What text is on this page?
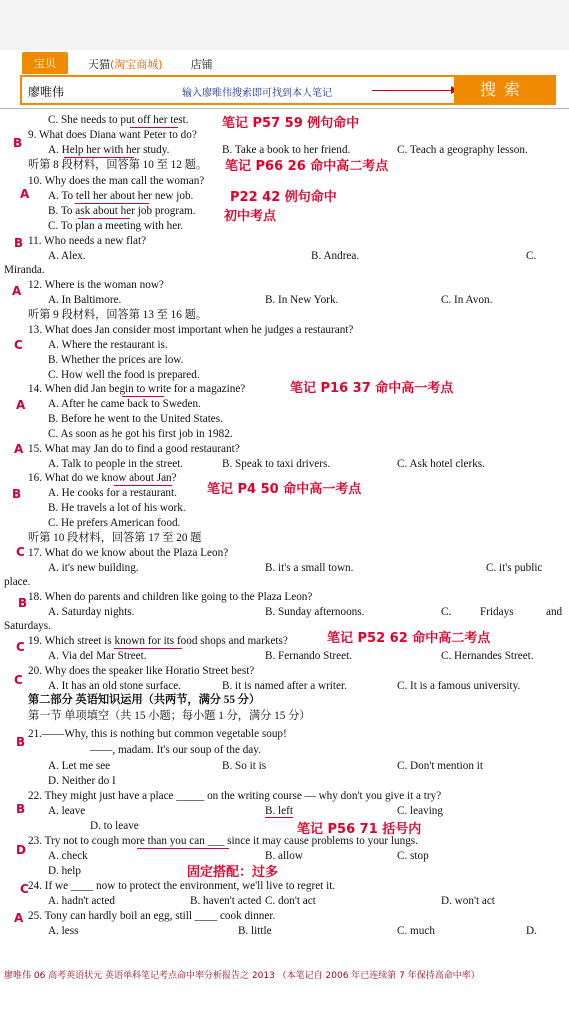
宝贝	天猫(淘宝商城)	店铺
廖唯伟	输入廖唯伟搜索即可找到本人笔记	搜索
C. She needs to put off her test.
9. What does Diana want Peter to do?
A. Help her with her study.	B. Take a book to her friend.	C. Teach a geography lesson.
听第 8 段材料，回答第 10 至 12 题。
10. Why does the man call the woman?
A. To tell her about her new job.
B. To ask about her job program.
C. To plan a meeting with her.
11. Who needs a new flat?
A. Alex.	B. Andrea.	C.
Miranda.
12. Where is the woman now?
A. In Baltimore.	B. In New York.	C. In Avon.
听第 9 段材料，回答第 13 至 16 题。
13. What does Jan consider most important when he judges a restaurant?
A. Where the restaurant is.
B. Whether the prices are low.
C. How well the food is prepared.
14. When did Jan begin to write for a magazine?
A. After he came back to Sweden.
B. Before he went to the United States.
C. As soon as he got his first job in 1982.
15. What may Jan do to find a good restaurant?
A. Talk to people in the street.	B. Speak to taxi drivers.	C. Ask hotel clerks.
16. What do we know about Jan?
A. He cooks for a restaurant.
B. He travels a lot of his work.
C. He prefers American food.
听第 10 段材料，回答第 17 至 20 题
17. What do we know about the Plaza Leon?
A. it's new building.	B. it's a small town.	C. it's public
place.
18. When do parents and children like going to the Plaza Leon?
A. Saturday nights.	B. Sunday afternoons.	C.	Fridays	and
Saturdays.
19. Which street is known for its food shops and markets?
A. Via del Mar Street.	B. Fernando Street.	C. Hernandes Street.
20. Why does the speaker like Horatio Street best?
A. It has an old stone surface.	B. it is named after a writer.	C. It is a famous university.
第二部分 英语知识运用（共两节，满分 55 分）
第一节 单项填空（共 15 小题；每小题 1 分，满分 15 分）
21.——Why, this is nothing but common vegetable soup!
——, madam. It's our soup of the day.
A. Let me see	B. So it is	C. Don't mention it
D. Neither do I
22. They might just have a place _____ on the writing course — why don't you give it a try?
A. leave	B. left	C. leaving
D. to leave
23. Try not to cough more than you can ___ since it may cause problems to your lungs.
A. check	B. allow	C. stop
D. help
24. If we ____ now to protect the environment, we'll live to regret it.
A. hadn't acted	B. haven't acted C. don't act	D. won't act
25. Tony can hardly boil an egg, still ____ cook dinner.
A. less	B. little	C. much	D.
B
A
B
A
C
A
A
B
C
B
C
C
B
B
D
C
A
笔记 P57 59 例句命中
笔记 P66 26 命中高二考点
P22 42 例句命中
初中考点
笔记 P16 37 命中高一考点
笔记 P4 50 命中高一考点
笔记 P52 62 命中高二考点
笔记 P56 71 括号内
固定搭配：过多
廖唯伟 06 高考英语状元 英语单科笔记考点命中率分析报告之 2013 （本笔记自 2006 年已连续第 7 年保持高命中率）
